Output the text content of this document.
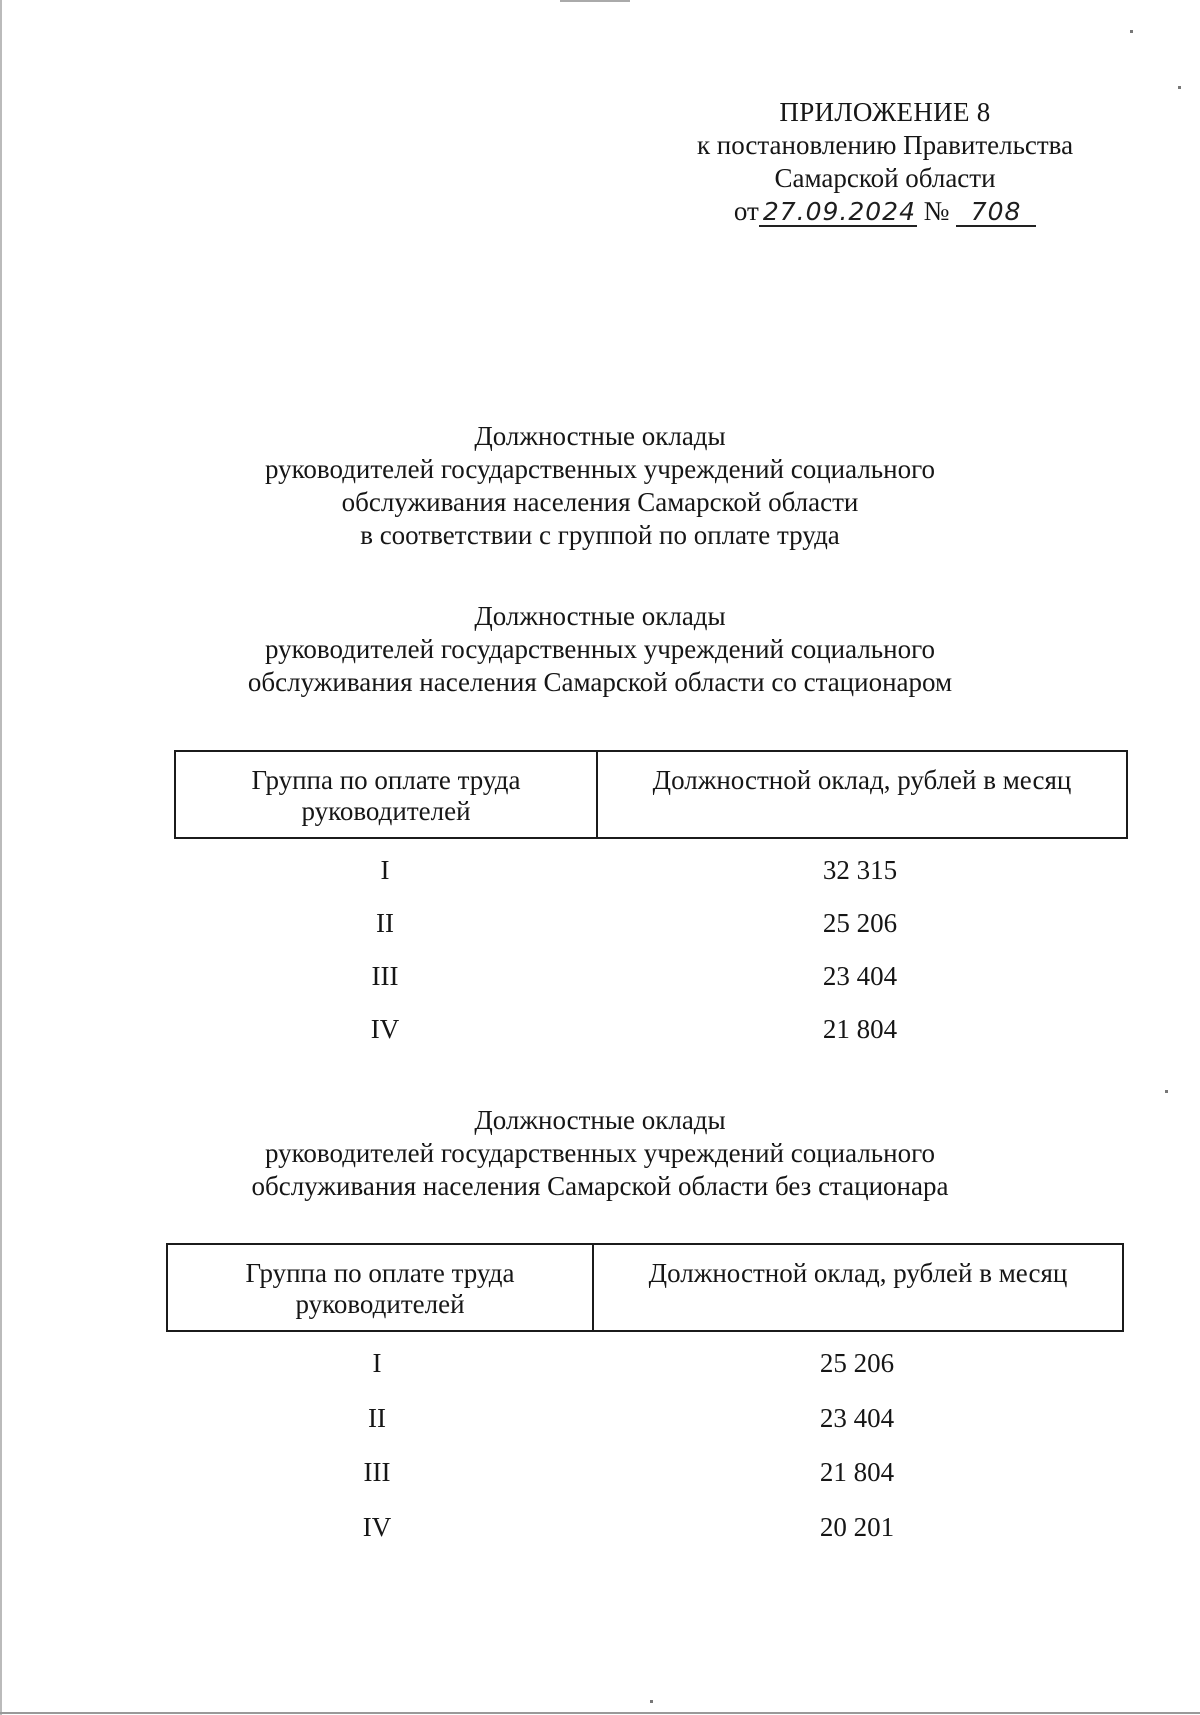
ПРИЛОЖЕНИЕ 8
к постановлению Правительства
Самарской области
от 27.09.2024 № 708
Должностные оклады
руководителей государственных учреждений социального
обслуживания населения Самарской области
в соответствии с группой по оплате труда
Должностные оклады
руководителей государственных учреждений социального
обслуживания населения Самарской области со стационаром
Группа по оплате труда руководителей	Должностной оклад, рублей в месяц
I	32 315
II	25 206
III	23 404
IV	21 804
Должностные оклады
руководителей государственных учреждений социального
обслуживания населения Самарской области без стационара
Группа по оплате труда руководителей	Должностной оклад, рублей в месяц
I	25 206
II	23 404
III	21 804
IV	20 201
